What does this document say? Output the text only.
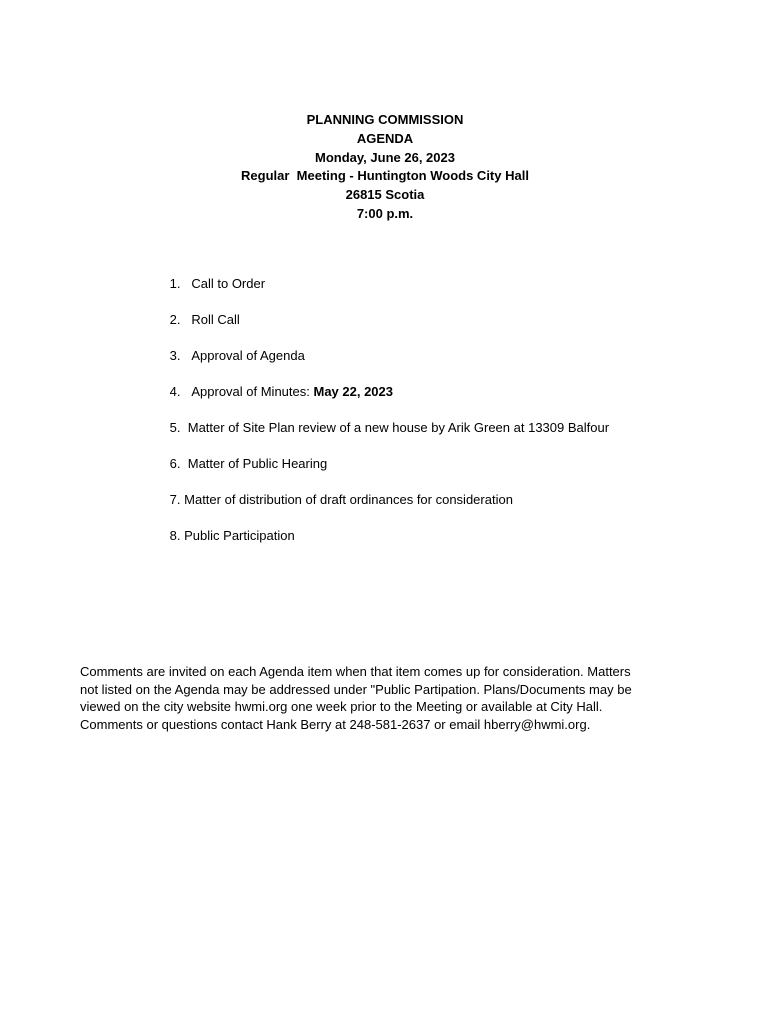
PLANNING COMMISSION
AGENDA
Monday, June 26, 2023
Regular  Meeting - Huntington Woods City Hall
26815 Scotia
7:00 p.m.

1. Call to Order

2. Roll Call

3. Approval of Agenda

4. Approval of Minutes: May 22, 2023

5. Matter of Site Plan review of a new house by Arik Green at 13309 Balfour

6. Matter of Public Hearing

7. Matter of distribution of draft ordinances for consideration

8. Public Participation

Comments are invited on each Agenda item when that item comes up for consideration. Matters
not listed on the Agenda may be addressed under "Public Partipation. Plans/Documents may be
viewed on the city website hwmi.org one week prior to the Meeting or available at City Hall.
Comments or questions contact Hank Berry at 248-581-2637 or email hberry@hwmi.org.
